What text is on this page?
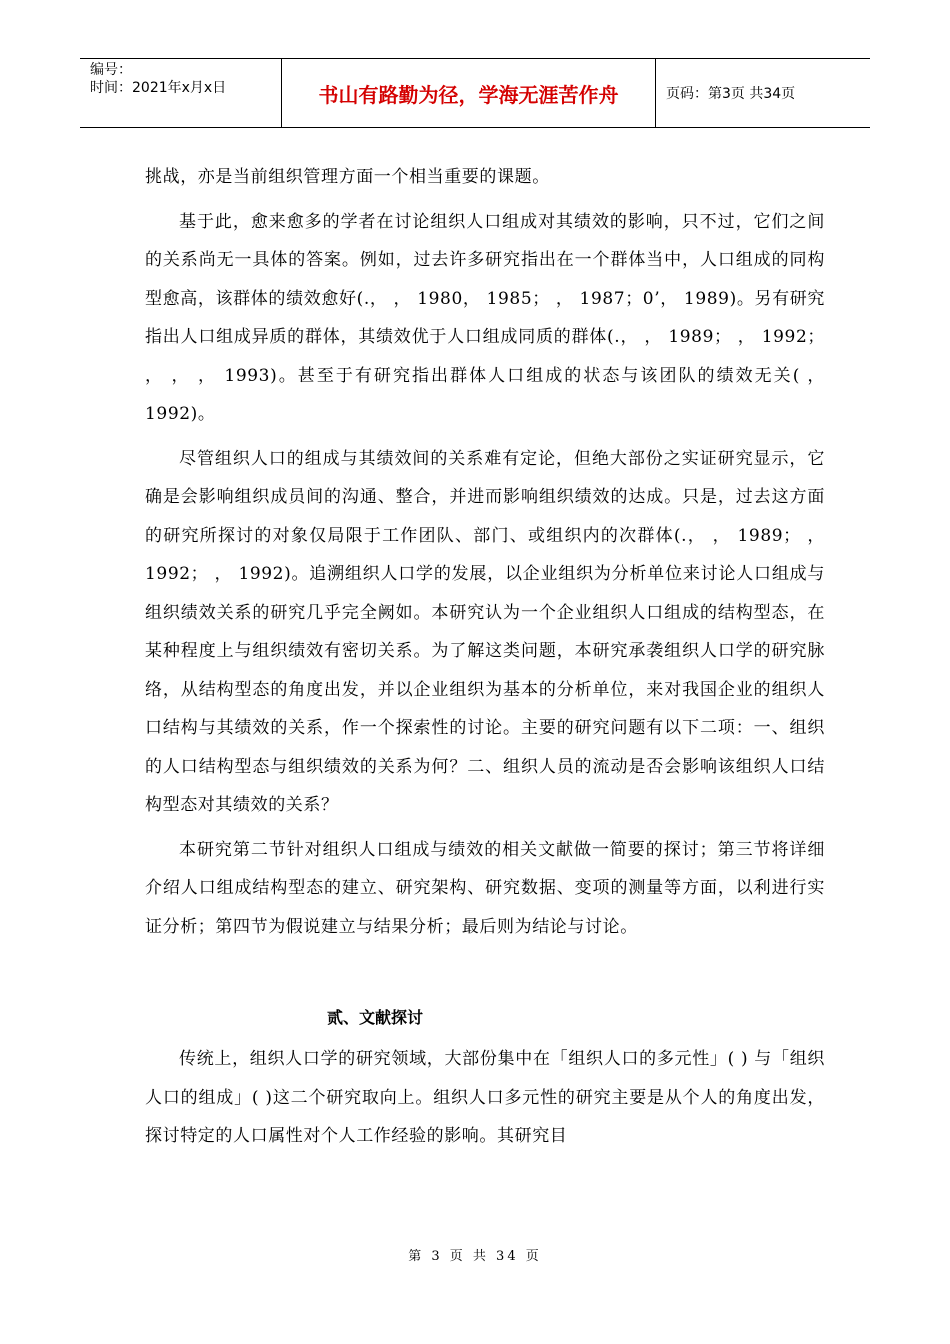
编号：
时间：2021年x月x日	书山有路勤为径，学海无涯苦作舟	页码：第3页 共34页

挑战，亦是当前组织管理方面一个相当重要的课题。

基于此，愈来愈多的学者在讨论组织人口组成对其绩效的影响，只不过，它们之间的关系尚无一具体的答案。例如，过去许多研究指出在一个群体当中，人口组成的同构型愈高，该群体的绩效愈好(.， ， 1980， 1985； ， 1987；0’， 1989)。另有研究指出人口组成异质的群体，其绩效优于人口组成同质的群体(.， ， 1989； ， 1992； ， ， ， 1993)。甚至于有研究指出群体人口组成的状态与该团队的绩效无关( ， 1992)。

尽管组织人口的组成与其绩效间的关系难有定论，但绝大部份之实证研究显示，它确是会影响组织成员间的沟通、整合，并进而影响组织绩效的达成。只是，过去这方面的研究所探讨的对象仅局限于工作团队、部门、或组织内的次群体(.， ， 1989； ， 1992； ， 1992)。追溯组织人口学的发展，以企业组织为分析单位来讨论人口组成与组织绩效关系的研究几乎完全阙如。本研究认为一个企业组织人口组成的结构型态，在某种程度上与组织绩效有密切关系。为了解这类问题，本研究承袭组织人口学的研究脉络，从结构型态的角度出发，并以企业组织为基本的分析单位，来对我国企业的组织人口结构与其绩效的关系，作一个探索性的讨论。主要的研究问题有以下二项：一、组织的人口结构型态与组织绩效的关系为何？二、组织人员的流动是否会影响该组织人口结构型态对其绩效的关系？

本研究第二节针对组织人口组成与绩效的相关文献做一简要的探讨；第三节将详细介绍人口组成结构型态的建立、研究架构、研究数据、变项的测量等方面，以利进行实证分析；第四节为假说建立与结果分析；最后则为结论与讨论。

贰、文献探讨

传统上，组织人口学的研究领域，大部份集中在「组织人口的多元性」( ) 与「组织人口的组成」( )这二个研究取向上。组织人口多元性的研究主要是从个人的角度出发，探讨特定的人口属性对个人工作经验的影响。其研究目

第 3 页 共 34 页
